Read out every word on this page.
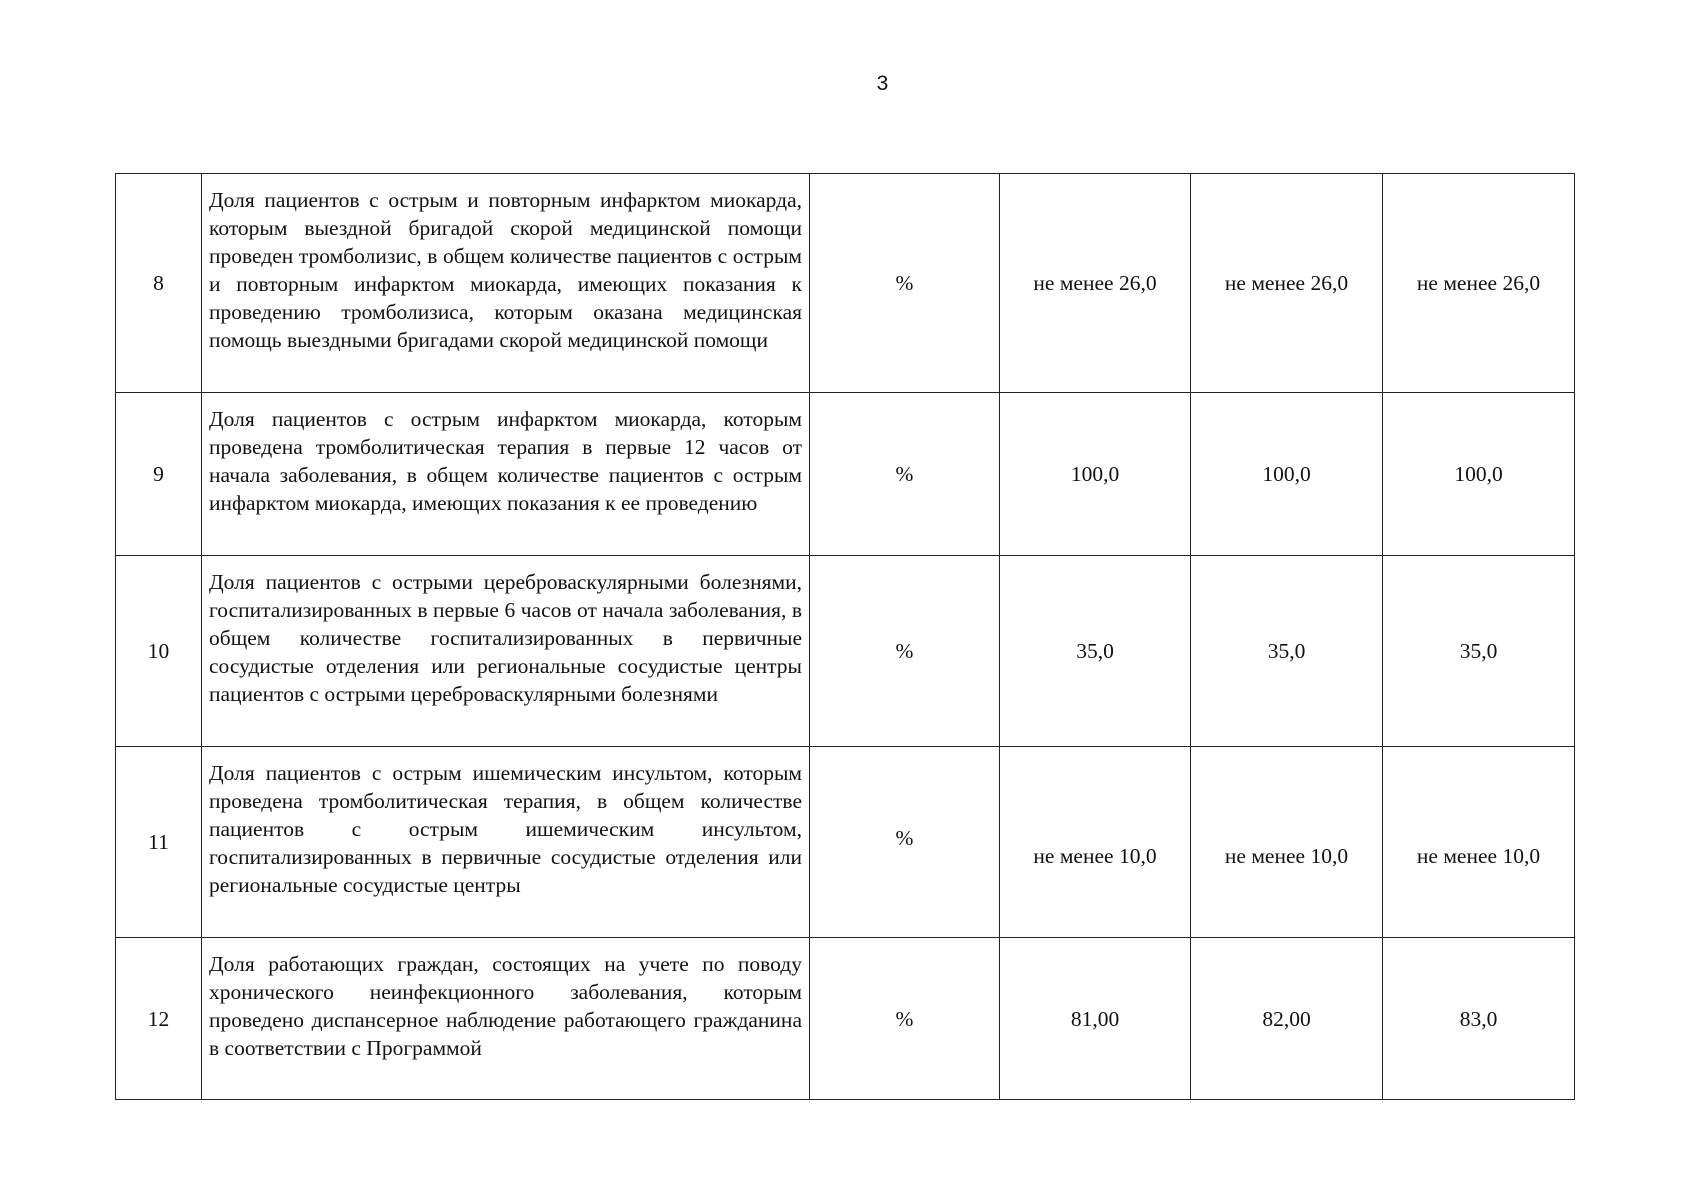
3
8	Доля пациентов с острым и повторным инфарктом миокарда, которым выездной бригадой скорой медицинской помощи проведен тромболизис, в общем количестве пациентов с острым и повторным инфарктом миокарда, имеющих показания к проведению тромболизиса, которым оказана медицинская помощь выездными бригадами скорой медицинской помощи	%	не менее 26,0	не менее 26,0	не менее 26,0
9	Доля пациентов с острым инфарктом миокарда, которым проведена тромболитическая терапия в первые 12 часов от начала заболевания, в общем количестве пациентов с острым инфарктом миокарда, имеющих показания к ее проведению	%	100,0	100,0	100,0
10	Доля пациентов с острыми цереброваскулярными болезнями, госпитализированных в первые 6 часов от начала заболевания, в общем количестве госпитализированных в первичные сосудистые отделения или региональные сосудистые центры пациентов с острыми цереброваскулярными болезнями	%	35,0	35,0	35,0
11	Доля пациентов с острым ишемическим инсультом, которым проведена тромболитическая терапия, в общем количестве пациентов с острым ишемическим инсультом, госпитализированных в первичные сосудистые отделения или региональные сосудистые центры	%	не менее 10,0	не менее 10,0	не менее 10,0
12	Доля работающих граждан, состоящих на учете по поводу хронического неинфекционного заболевания, которым проведено диспансерное наблюдение работающего гражданина в соответствии с Программой	%	81,00	82,00	83,0
